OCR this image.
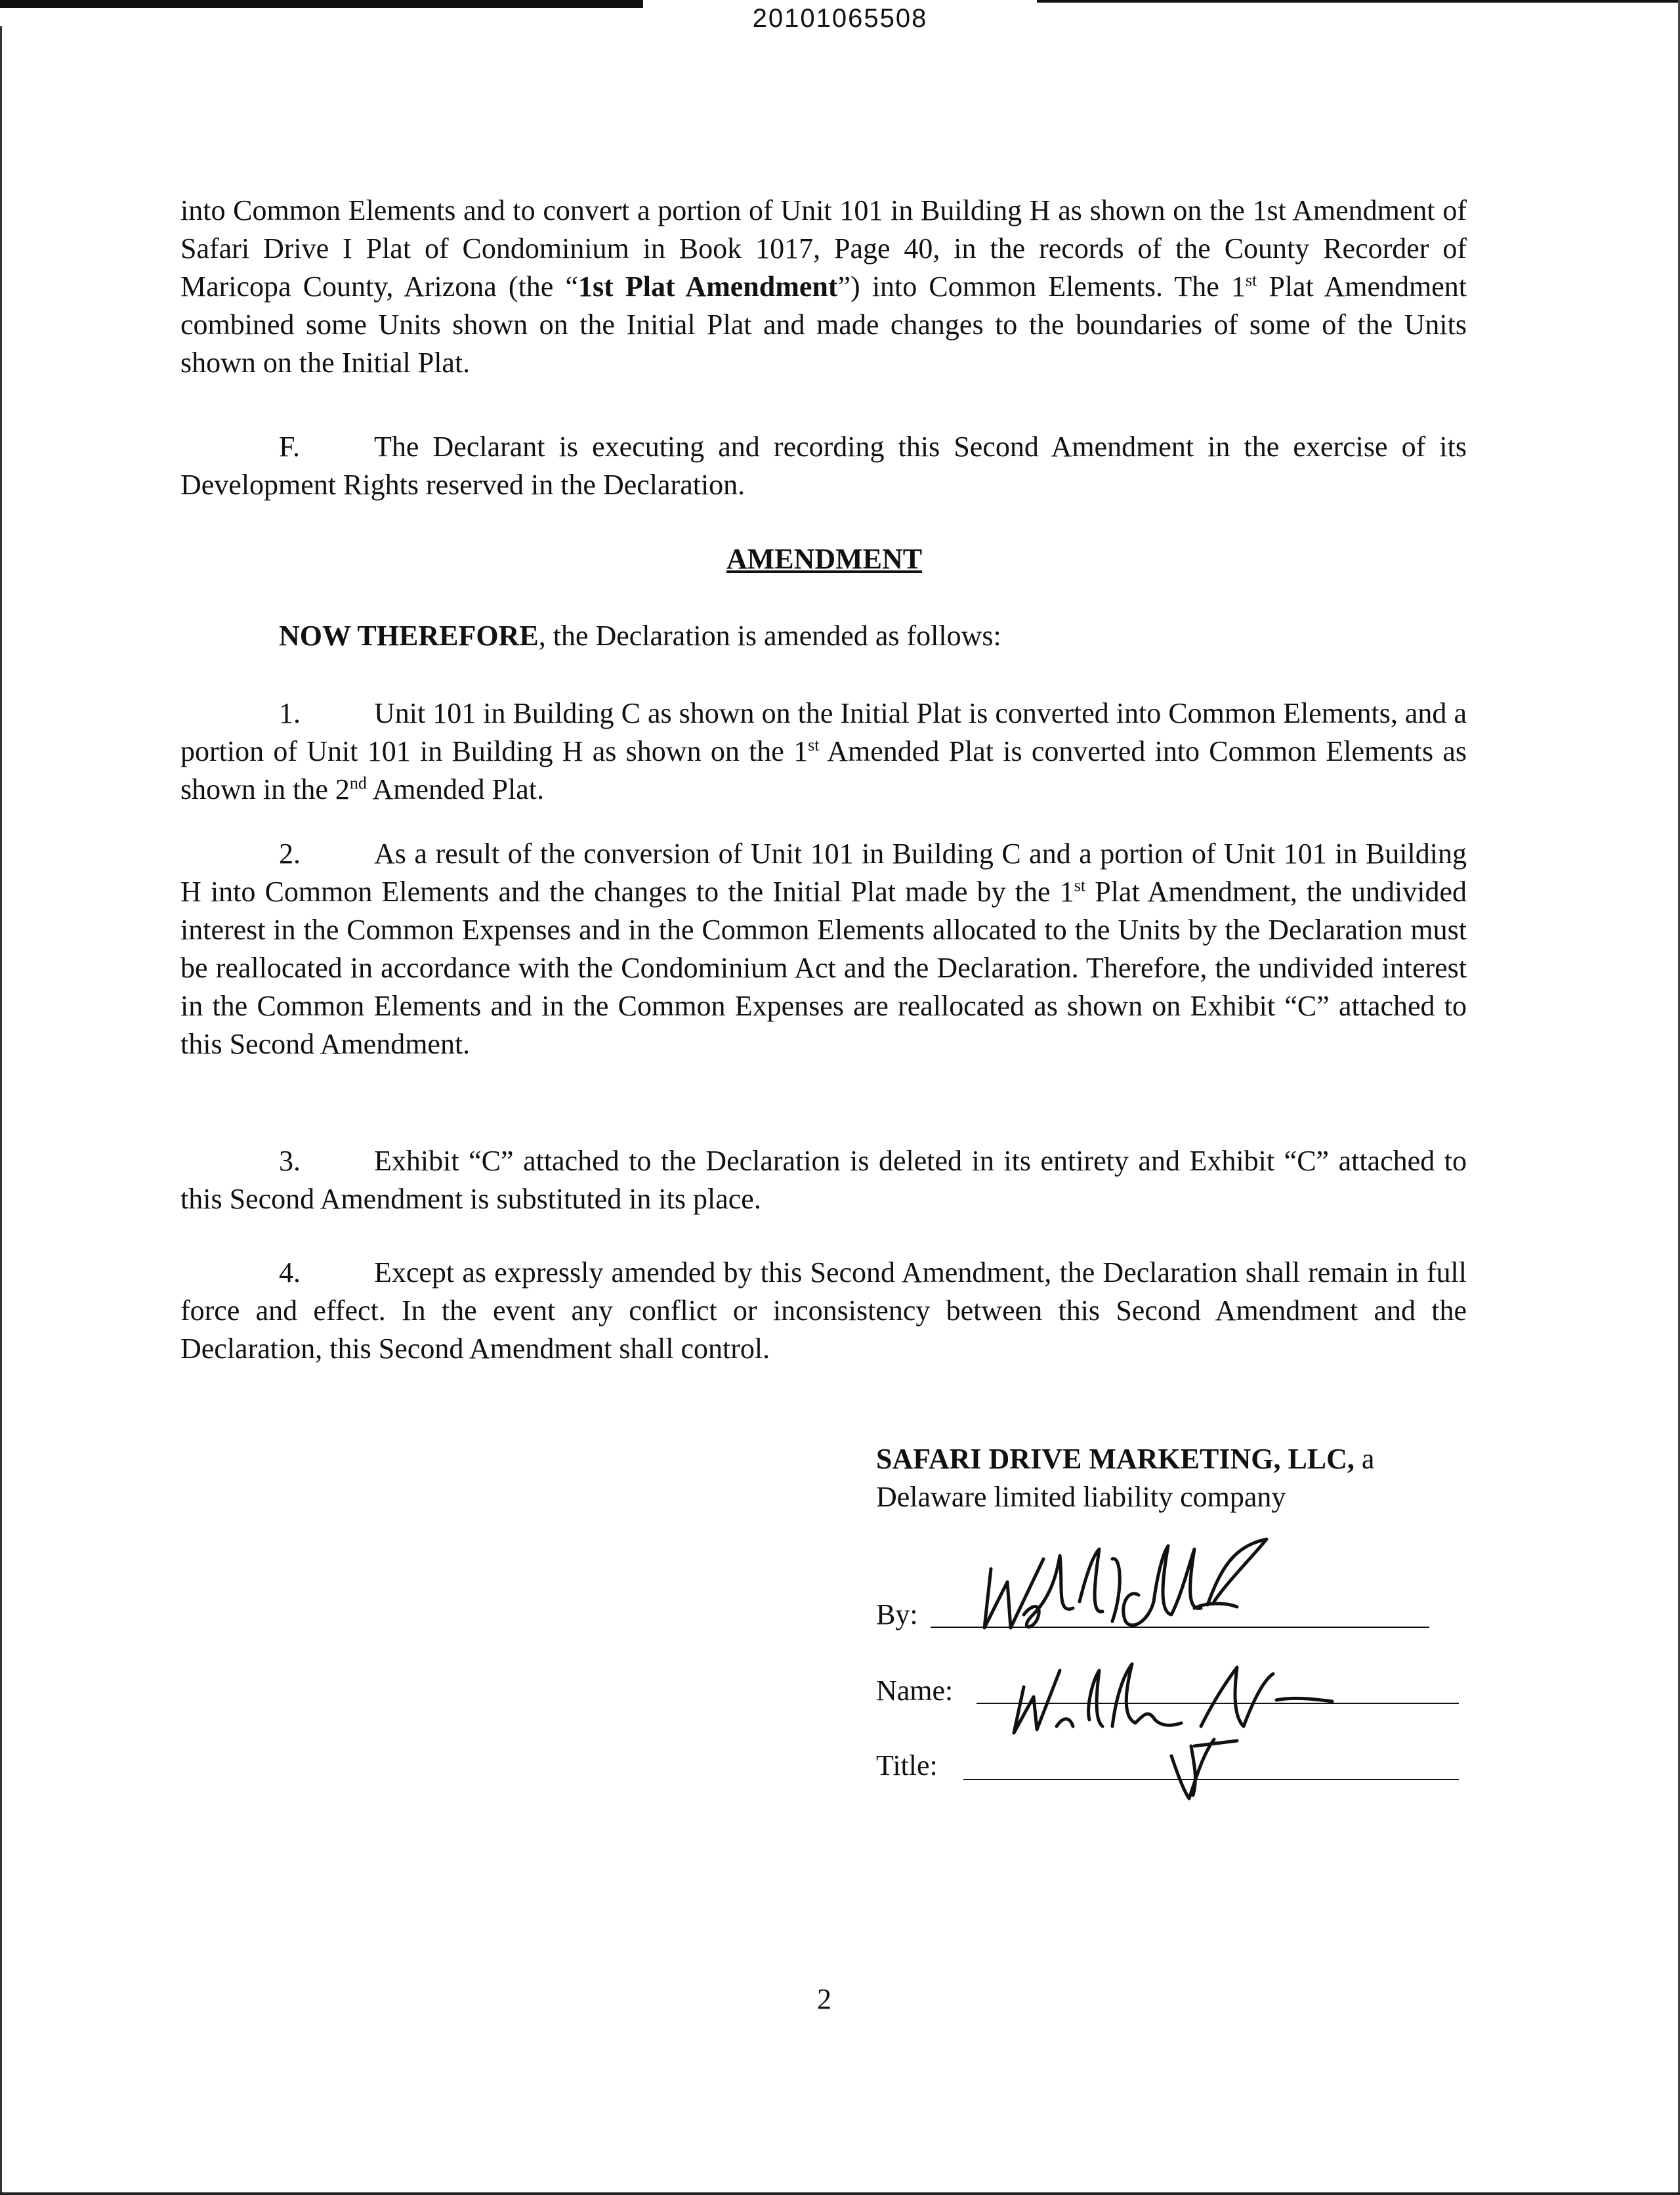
20101065508

into Common Elements and to convert a portion of Unit 101 in Building H as shown on the 1st Amendment of Safari Drive I Plat of Condominium in Book 1017, Page 40, in the records of the County Recorder of Maricopa County, Arizona (the “1st Plat Amendment”) into Common Elements. The 1st Plat Amendment combined some Units shown on the Initial Plat and made changes to the boundaries of some of the Units shown on the Initial Plat.

F.	The Declarant is executing and recording this Second Amendment in the exercise of its Development Rights reserved in the Declaration.

AMENDMENT

NOW THEREFORE, the Declaration is amended as follows:

1.	Unit 101 in Building C as shown on the Initial Plat is converted into Common Elements, and a portion of Unit 101 in Building H as shown on the 1st Amended Plat is converted into Common Elements as shown in the 2nd Amended Plat.

2.	As a result of the conversion of Unit 101 in Building C and a portion of Unit 101 in Building H into Common Elements and the changes to the Initial Plat made by the 1st Plat Amendment, the undivided interest in the Common Expenses and in the Common Elements allocated to the Units by the Declaration must be reallocated in accordance with the Condominium Act and the Declaration. Therefore, the undivided interest in the Common Elements and in the Common Expenses are reallocated as shown on Exhibit “C” attached to this Second Amendment.

3.	Exhibit “C” attached to the Declaration is deleted in its entirety and Exhibit “C” attached to this Second Amendment is substituted in its place.

4.	Except as expressly amended by this Second Amendment, the Declaration shall remain in full force and effect. In the event any conflict or inconsistency between this Second Amendment and the Declaration, this Second Amendment shall control.

SAFARI DRIVE MARKETING, LLC, a
Delaware limited liability company
By:
Name:
Title:
2
